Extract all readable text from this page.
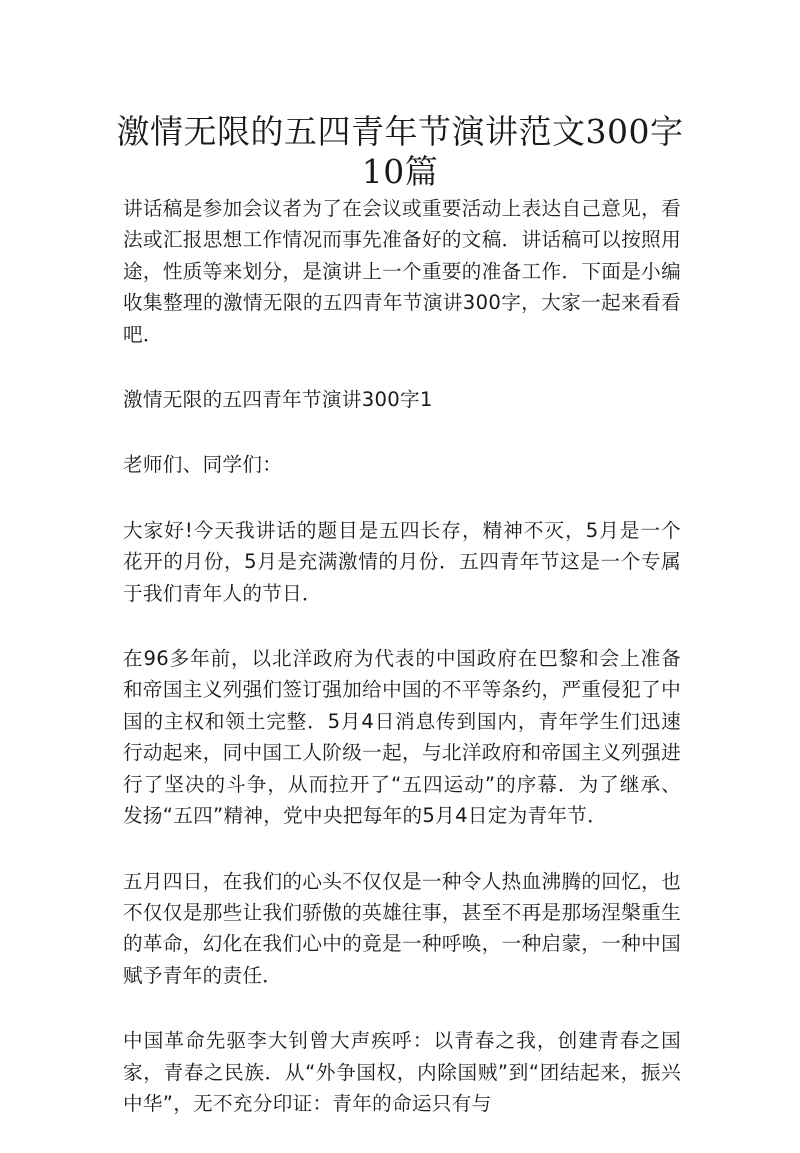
激情无限的五四青年节演讲范文300字10篇

讲话稿是参加会议者为了在会议或重要活动上表达自己意见，看法或汇报思想工作情况而事先准备好的文稿．讲话稿可以按照用途，性质等来划分，是演讲上一个重要的准备工作．下面是小编收集整理的激情无限的五四青年节演讲300字，大家一起来看看吧．

激情无限的五四青年节演讲300字1

老师们、同学们：

大家好!今天我讲话的题目是五四长存，精神不灭，5月是一个花开的月份，5月是充满激情的月份．五四青年节这是一个专属于我们青年人的节日．

在96多年前，以北洋政府为代表的中国政府在巴黎和会上准备和帝国主义列强们签订强加给中国的不平等条约，严重侵犯了中国的主权和领土完整．5月4日消息传到国内，青年学生们迅速行动起来，同中国工人阶级一起，与北洋政府和帝国主义列强进行了坚决的斗争，从而拉开了“五四运动”的序幕．为了继承、发扬“五四”精神，党中央把每年的5月4日定为青年节．

五月四日，在我们的心头不仅仅是一种令人热血沸腾的回忆，也不仅仅是那些让我们骄傲的英雄往事，甚至不再是那场涅槃重生的革命，幻化在我们心中的竟是一种呼唤，一种启蒙，一种中国赋予青年的责任．

中国革命先驱李大钊曾大声疾呼：以青春之我，创建青春之国家，青春之民族．从“外争国权，内除国贼”到“团结起来，振兴中华”，无不充分印证：青年的命运只有与
